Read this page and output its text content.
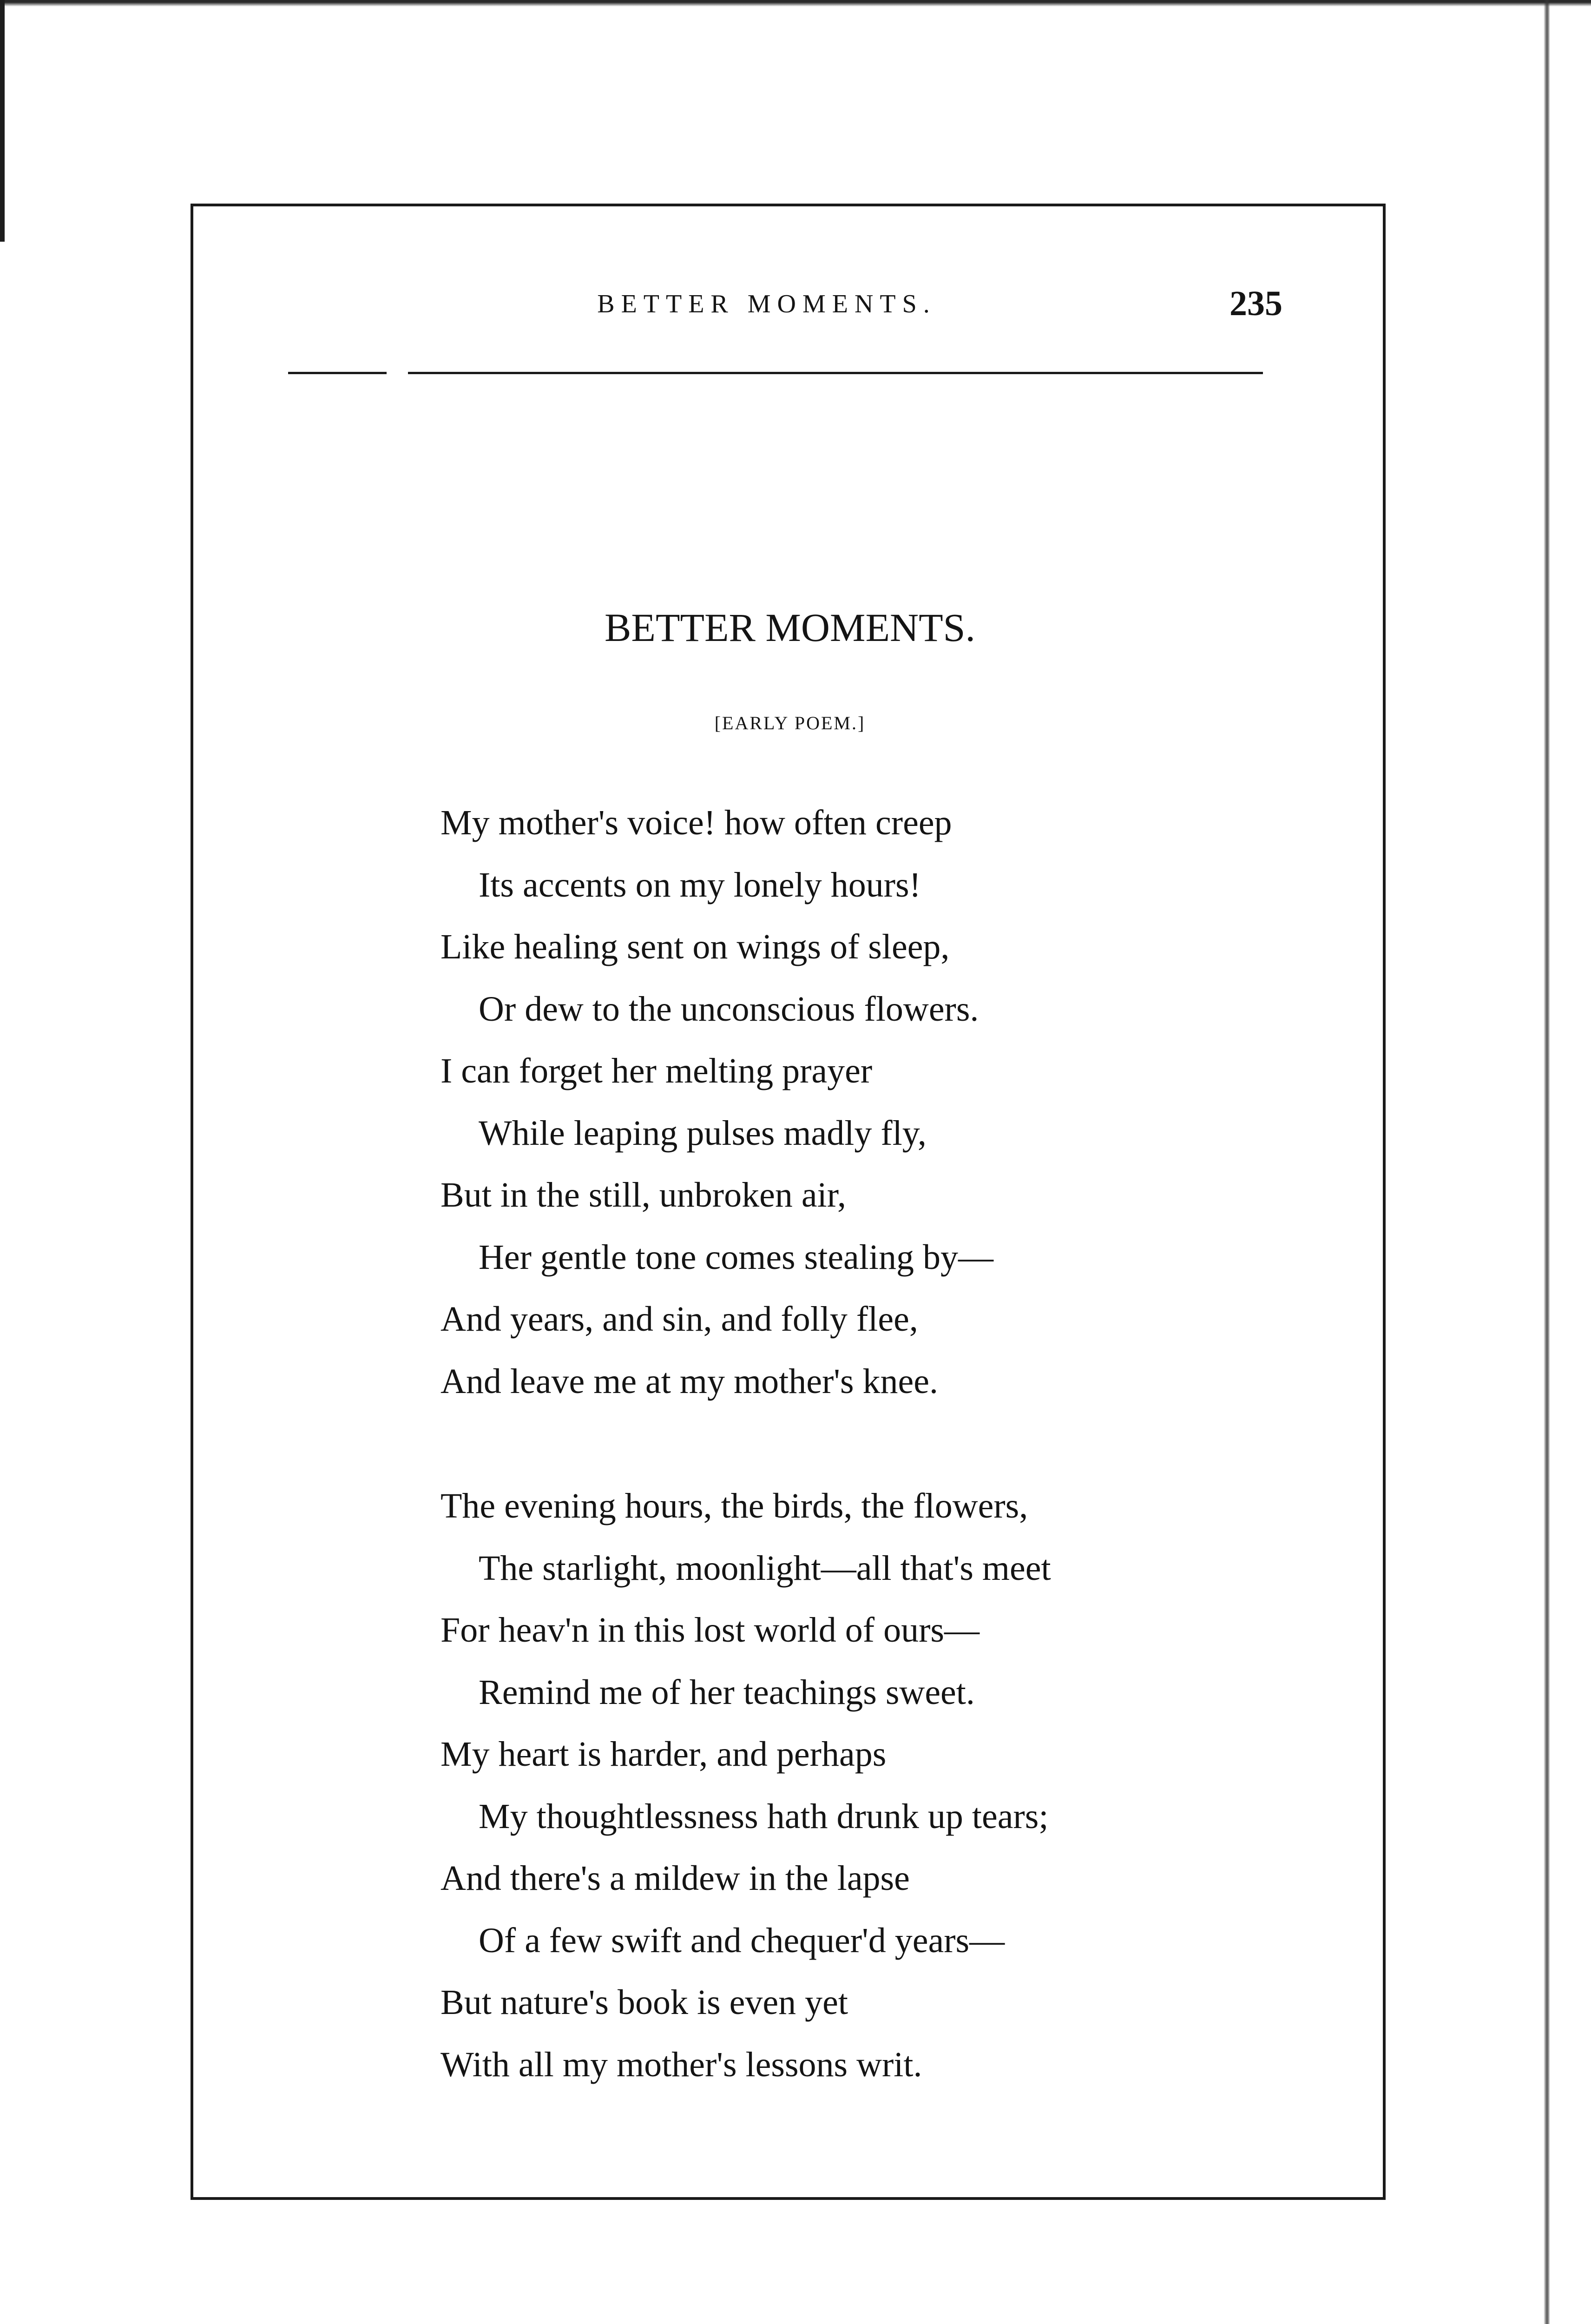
BETTER MOMENTS.	235
BETTER MOMENTS.
[EARLY POEM.]
My mother's voice! how often creep
Its accents on my lonely hours!
Like healing sent on wings of sleep,
Or dew to the unconscious flowers.
I can forget her melting prayer
While leaping pulses madly fly,
But in the still, unbroken air,
Her gentle tone comes stealing by—
And years, and sin, and folly flee,
And leave me at my mother's knee.
The evening hours, the birds, the flowers,
The starlight, moonlight—all that's meet
For heav'n in this lost world of ours—
Remind me of her teachings sweet.
My heart is harder, and perhaps
My thoughtlessness hath drunk up tears;
And there's a mildew in the lapse
Of a few swift and chequer'd years—
But nature's book is even yet
With all my mother's lessons writ.
